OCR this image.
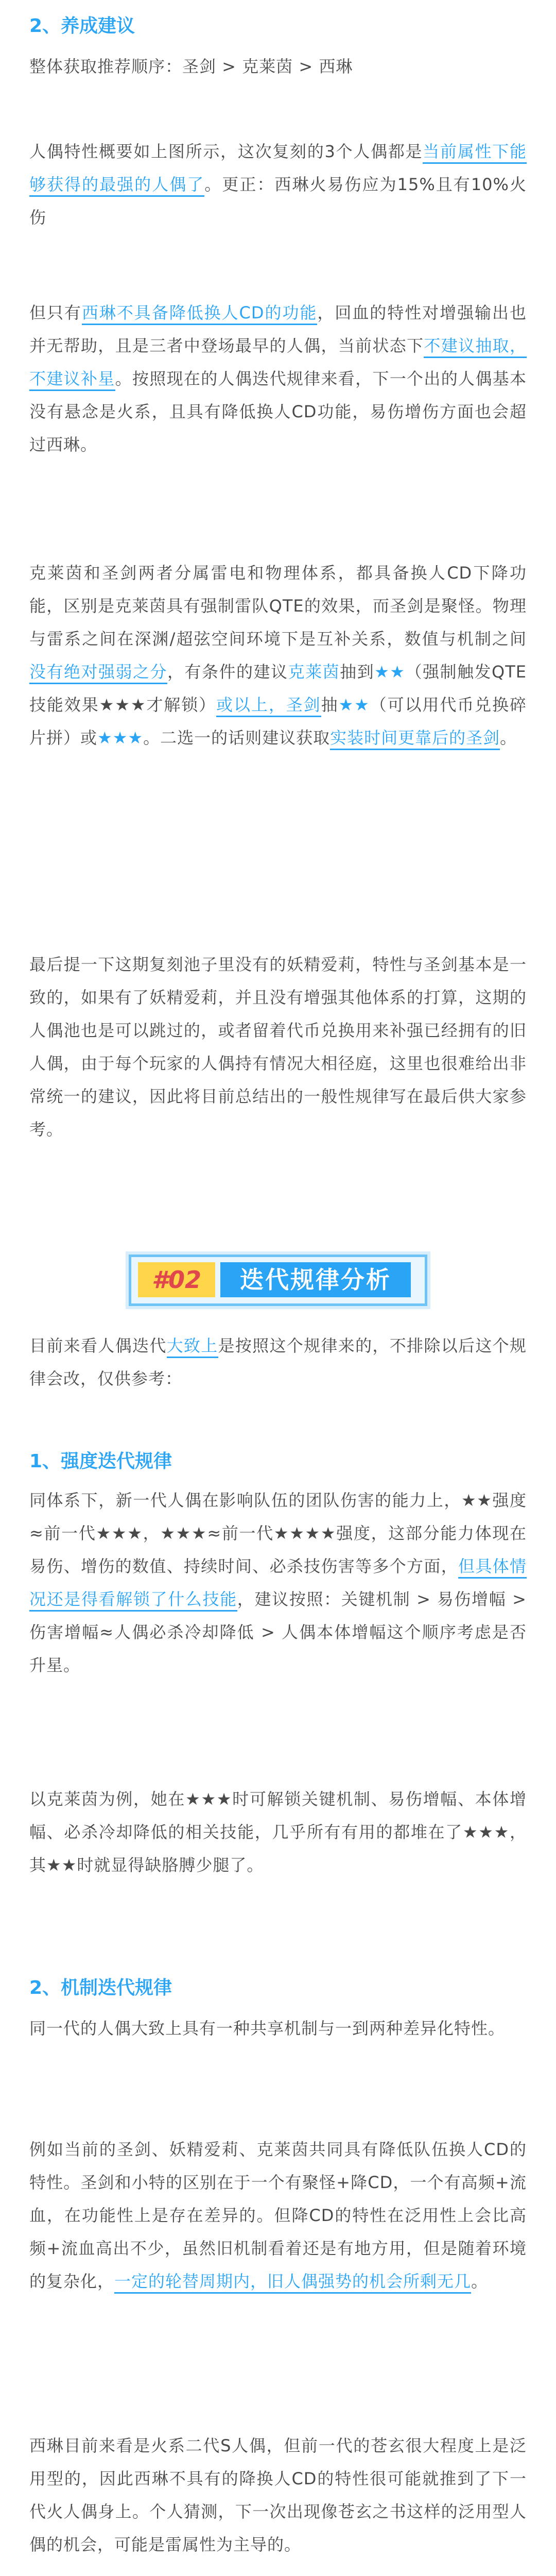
2、养成建议

整体获取推荐顺序：圣剑 > 克莱茵 > 西琳

人偶特性概要如上图所示，这次复刻的3个人偶都是当前属性下能够获得的最强的人偶了。更正：西琳火易伤应为15%且有10%火伤

但只有西琳不具备降低换人CD的功能，回血的特性对增强输出也并无帮助，且是三者中登场最早的人偶，当前状态下不建议抽取，不建议补星。按照现在的人偶迭代规律来看，下一个出的人偶基本没有悬念是火系，且具有降低换人CD功能，易伤增伤方面也会超过西琳。

克莱茵和圣剑两者分属雷电和物理体系，都具备换人CD下降功能，区别是克莱茵具有强制雷队QTE的效果，而圣剑是聚怪。物理与雷系之间在深渊/超弦空间环境下是互补关系，数值与机制之间没有绝对强弱之分，有条件的建议克莱茵抽到★★（强制触发QTE技能效果★★★才解锁）或以上，圣剑抽★★（可以用代币兑换碎片拼）或★★★。二选一的话则建议获取实装时间更靠后的圣剑。

最后提一下这期复刻池子里没有的妖精爱莉，特性与圣剑基本是一致的，如果有了妖精爱莉，并且没有增强其他体系的打算，这期的人偶池也是可以跳过的，或者留着代币兑换用来补强已经拥有的旧人偶，由于每个玩家的人偶持有情况大相径庭，这里也很难给出非常统一的建议，因此将目前总结出的一般性规律写在最后供大家参考。

#02	迭代规律分析

目前来看人偶迭代大致上是按照这个规律来的，不排除以后这个规律会改，仅供参考：

1、强度迭代规律

同体系下，新一代人偶在影响队伍的团队伤害的能力上，★★强度≈前一代★★★，★★★≈前一代★★★★强度，这部分能力体现在易伤、增伤的数值、持续时间、必杀技伤害等多个方面，但具体情况还是得看解锁了什么技能，建议按照：关键机制 > 易伤增幅 > 伤害增幅≈人偶必杀冷却降低 > 人偶本体增幅这个顺序考虑是否升星。

以克莱茵为例，她在★★★时可解锁关键机制、易伤增幅、本体增幅、必杀冷却降低的相关技能，几乎所有有用的都堆在了★★★，其★★时就显得缺胳膊少腿了。

2、机制迭代规律

同一代的人偶大致上具有一种共享机制与一到两种差异化特性。

例如当前的圣剑、妖精爱莉、克莱茵共同具有降低队伍换人CD的特性。圣剑和小特的区别在于一个有聚怪+降CD，一个有高频+流血，在功能性上是存在差异的。但降CD的特性在泛用性上会比高频+流血高出不少，虽然旧机制看着还是有地方用，但是随着环境的复杂化，一定的轮替周期内，旧人偶强势的机会所剩无几。

西琳目前来看是火系二代S人偶，但前一代的苍玄很大程度上是泛用型的，因此西琳不具有的降换人CD的特性很可能就推到了下一代火人偶身上。个人猜测，下一次出现像苍玄之书这样的泛用型人偶的机会，可能是雷属性为主导的。
